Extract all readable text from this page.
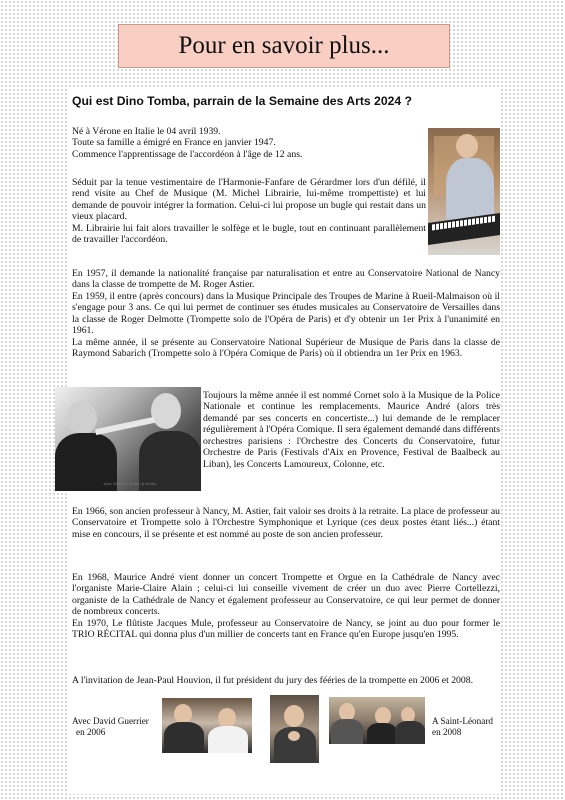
Pour en savoir plus...
Qui est Dino Tomba, parrain de la Semaine des Arts 2024 ?

Né à Vérone en Italie le 04 avril 1939.

Toute sa famille a émigré en France en janvier 1947.

Commence l'apprentissage de l'accordéon à l'âge de 12 ans.

Séduit par la tenue vestimentaire de l'Harmonie-Fanfare de Gérardmer lors d'un défilé, il rend visite au Chef de Musique (M. Michel Librairie, lui-même trompettiste) et lui demande de pouvoir intégrer la formation. Celui-ci lui propose un bugle qui restait dans un vieux placard.

M. Librairie lui fait alors travailler le solfège et le bugle, tout en continuant parallèlement de travailler l'accordéon.

En 1957, il demande la nationalité française par naturalisation et entre au Conservatoire National de Nancy dans la classe de trompette de M. Roger Astier.

En 1959, il entre (après concours) dans la Musique Principale des Troupes de Marine à Rueil-Malmaison où il s'engage pour 3 ans. Ce qui lui permet de continuer ses études musicales au Conservatoire de Versailles dans la classe de Roger Delmotte (Trompette solo de l'Opéra de Paris) et d'y obtenir un 1er Prix à l'unanimité en 1961.

La même année, il se présente au Conservatoire National Supérieur de Musique de Paris dans la classe de Raymond Sabarich (Trompette solo à l'Opéra Comique de Paris) où il obtiendra un 1er Prix en 1963.

Avec Maurice André (à droite)

Toujours la même année il est nommé Cornet solo à la Musique de la Police Nationale et continue les remplacements. Maurice André (alors très demandé par ses concerts en concertiste...) lui demande de le remplacer régulièrement à l'Opéra Comique. Il sera également demandé dans différents orchestres parisiens : l'Orchestre des Concerts du Conservatoire, futur Orchestre de Paris (Festivals d'Aix en Provence, Festival de Baalbeck au Liban), les Concerts Lamoureux, Colonne, etc.

En 1966, son ancien professeur à Nancy, M. Astier, fait valoir ses droits à la retraite. La place de professeur au Conservatoire et Trompette solo à l'Orchestre Symphonique et Lyrique (ces deux postes étant liés...) étant mise en concours, il se présente et est nommé au poste de son ancien professeur.

En 1968, Maurice André vient donner un concert Trompette et Orgue en la Cathédrale de Nancy avec l'organiste Marie-Claire Alain ; celui-ci lui conseille vivement de créer un duo avec Pierre Cortellezzi, organiste de la Cathédrale de Nancy et également professeur au Conservatoire, ce qui leur permet de donner de nombreux concerts.

En 1970, Le flûtiste Jacques Mule, professeur au Conservatoire de Nancy, se joint au duo pour former le TRIO RÉCITAL qui donna plus d'un millier de concerts tant en France qu'en Europe jusqu'en 1995.

A l'invitation de Jean-Paul Houvion, il fut président du jury des fééries de la trompette en 2006 et 2008.

Avec David Guerrier
en 2006
A Saint-Léonard
en 2008
